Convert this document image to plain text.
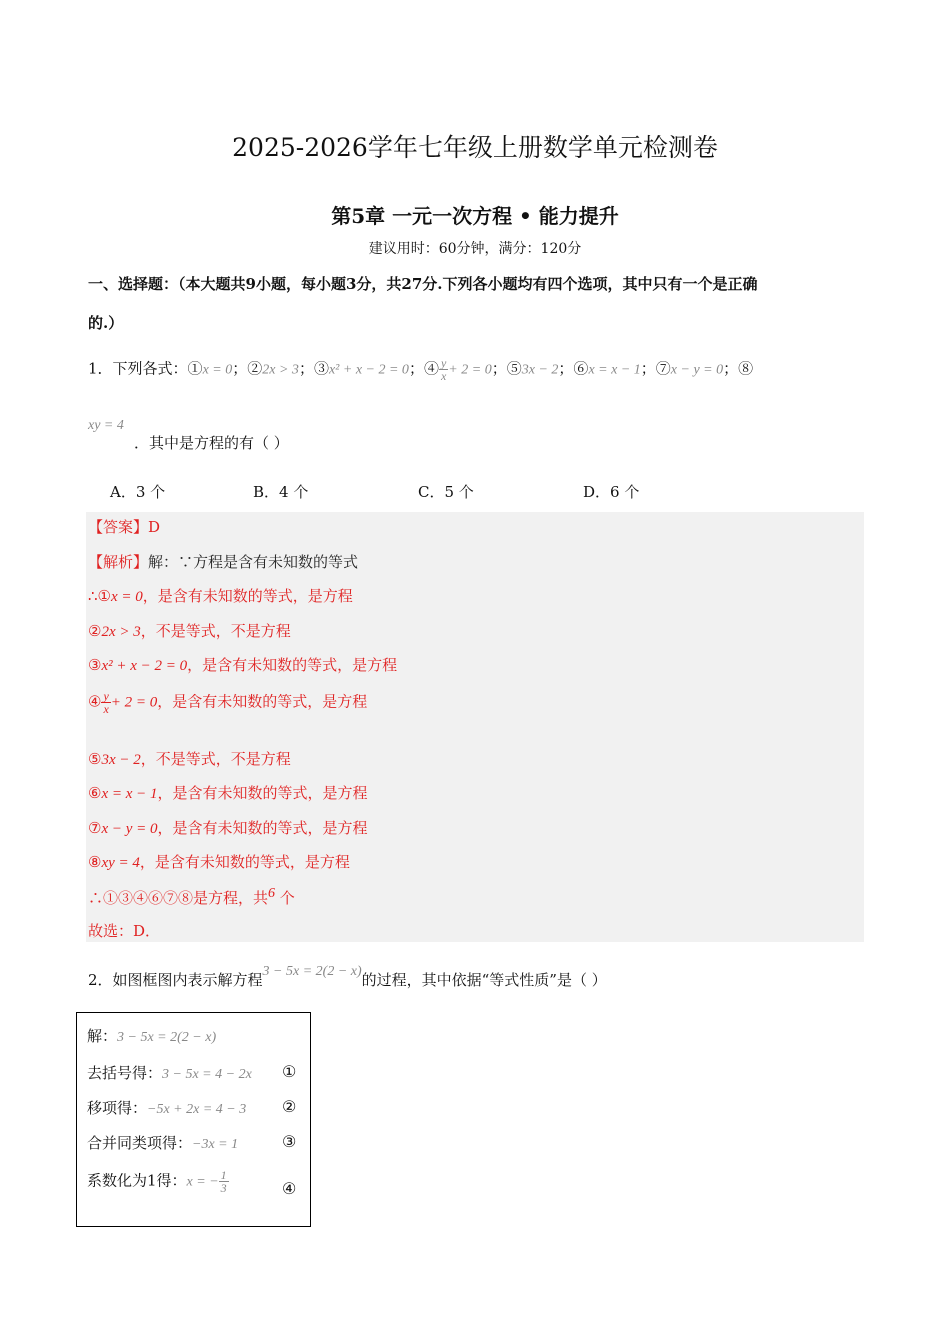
2025-2026学年七年级上册数学单元检测卷
第5章 一元一次方程 • 能力提升
建议用时：60分钟，满分：120分
一、选择题：（本大题共9小题，每小题3分，共27分.下列各小题均有四个选项，其中只有一个是正确
的.）
1．下列各式：①x = 0；②2x > 3；③x² + x − 2 = 0；④ $\frac{y}{x} + 2 = 0$；⑤3x − 2；⑥x = x − 1；⑦x − y = 0；⑧
xy = 4
．其中是方程的有（ ）
A．3 个	B．4 个	C．5 个	D．6 个
【答案】D
【解析】解：∵方程是含有未知数的等式
∴①x = 0，是含有未知数的等式，是方程
②2x > 3，不是等式，不是方程
③x² + x − 2 = 0，是含有未知数的等式，是方程
④ $\frac{y}{x} + 2 = 0$，是含有未知数的等式，是方程
⑤3x − 2，不是等式，不是方程
⑥x = x − 1，是含有未知数的等式，是方程
⑦x − y = 0，是含有未知数的等式，是方程
⑧xy = 4，是含有未知数的等式，是方程
∴①③④⑥⑦⑧是方程，共$^6$ 个
故选：D．
2．如图框图内表示解方程$^{3 - 5x = 2(2 - x)}$的过程，其中依据“等式性质”是（ ）
解：3 − 5x = 2(2 − x)
去括号得：3 − 5x = 4 − 2x ①
移项得：−5x + 2x = 4 − 3 ②
合并同类项得：−3x = 1	③
系数化为1得：x = − $\frac{1}{3}$	④
